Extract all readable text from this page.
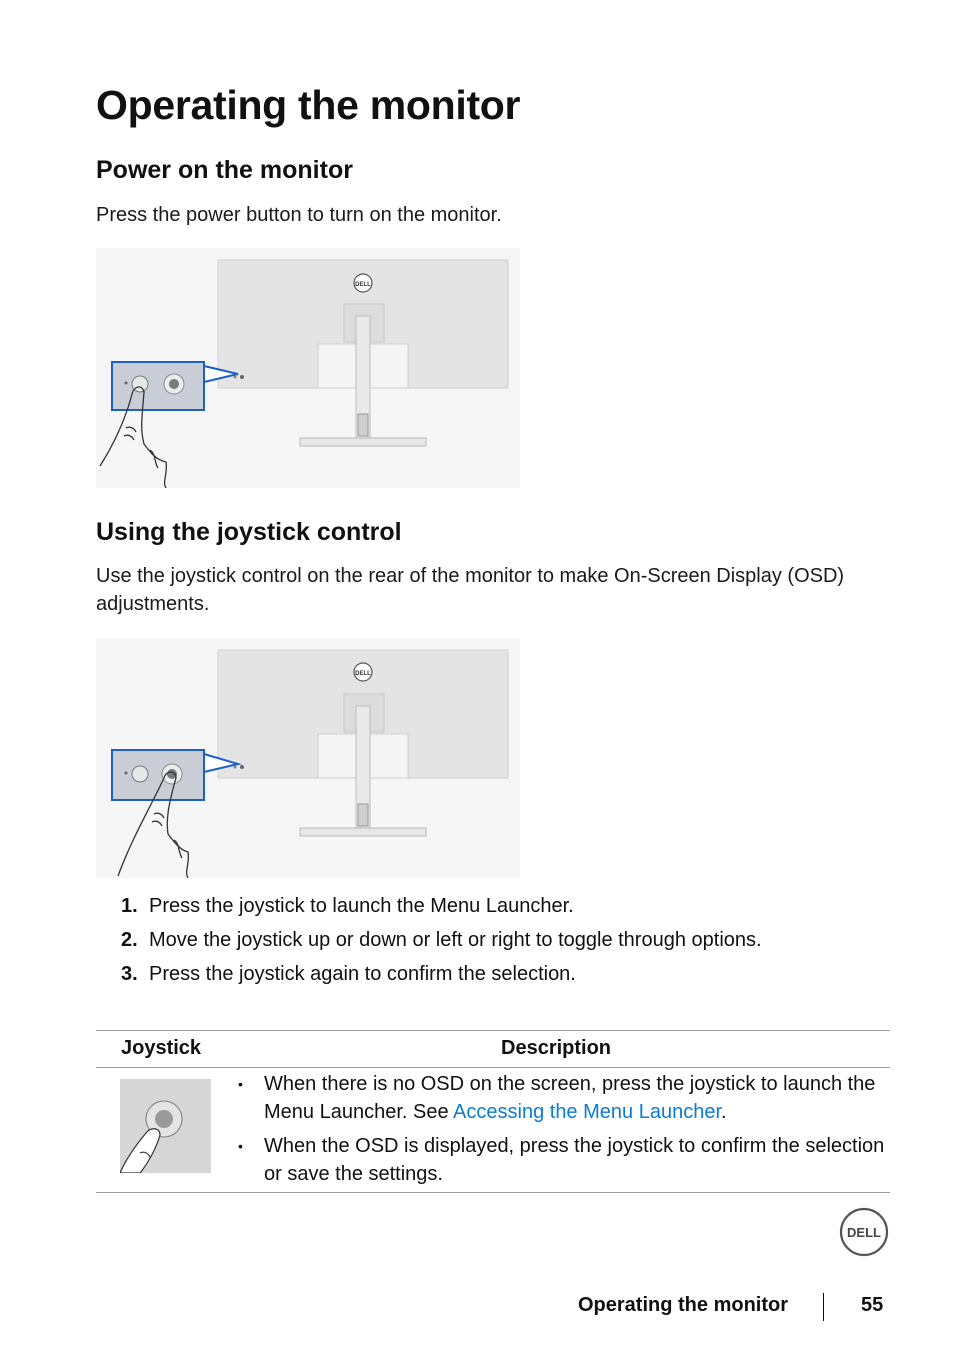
Operating the monitor
Power on the monitor

Press the power button to turn on the monitor.

DELL
Using the joystick control

Use the joystick control on the rear of the monitor to make On-Screen Display (OSD) adjustments.

DELL
1. Press the joystick to launch the Menu Launcher.
2. Move the joystick up or down or left or right to toggle through options.
3. Press the joystick again to confirm the selection.
Joystick	Description
• When there is no OSD on the screen, press the joystick to launch the Menu Launcher. See Accessing the Menu Launcher.
• When the OSD is displayed, press the joystick to confirm the selection or save the settings.
DELL
Operating the monitor	55
